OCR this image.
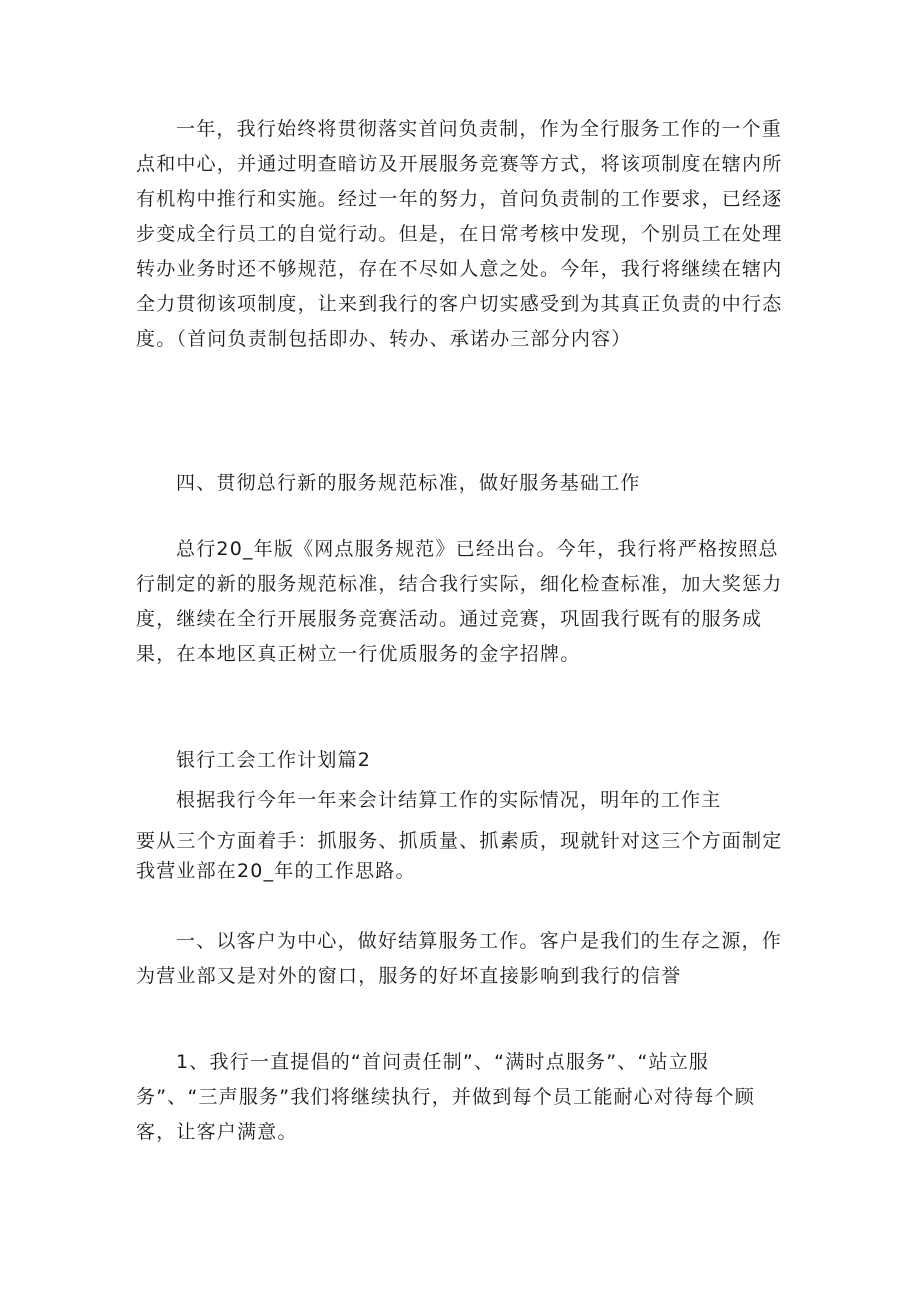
一年，我行始终将贯彻落实首问负责制，作为全行服务工作的一个重
点和中心，并通过明查暗访及开展服务竞赛等方式，将该项制度在辖内所
有机构中推行和实施。经过一年的努力，首问负责制的工作要求，已经逐
步变成全行员工的自觉行动。但是，在日常考核中发现，个别员工在处理
转办业务时还不够规范，存在不尽如人意之处。今年，我行将继续在辖内
全力贯彻该项制度，让来到我行的客户切实感受到为其真正负责的中行态
度。（首问负责制包括即办、转办、承诺办三部分内容）
四、贯彻总行新的服务规范标准，做好服务基础工作
总行20_年版《网点服务规范》已经出台。今年，我行将严格按照总
行制定的新的服务规范标准，结合我行实际，细化检查标准，加大奖惩力
度，继续在全行开展服务竞赛活动。通过竞赛，巩固我行既有的服务成
果，在本地区真正树立一行优质服务的金字招牌。
银行工会工作计划篇2
根据我行今年一年来会计结算工作的实际情况，明年的工作主
要从三个方面着手：抓服务、抓质量、抓素质，现就针对这三个方面制定
我营业部在20_年的工作思路。
一、以客户为中心，做好结算服务工作。客户是我们的生存之源，作
为营业部又是对外的窗口，服务的好坏直接影响到我行的信誉
1、我行一直提倡的“首问责任制”、“满时点服务”、“站立服
务”、“三声服务”我们将继续执行，并做到每个员工能耐心对待每个顾
客，让客户满意。
